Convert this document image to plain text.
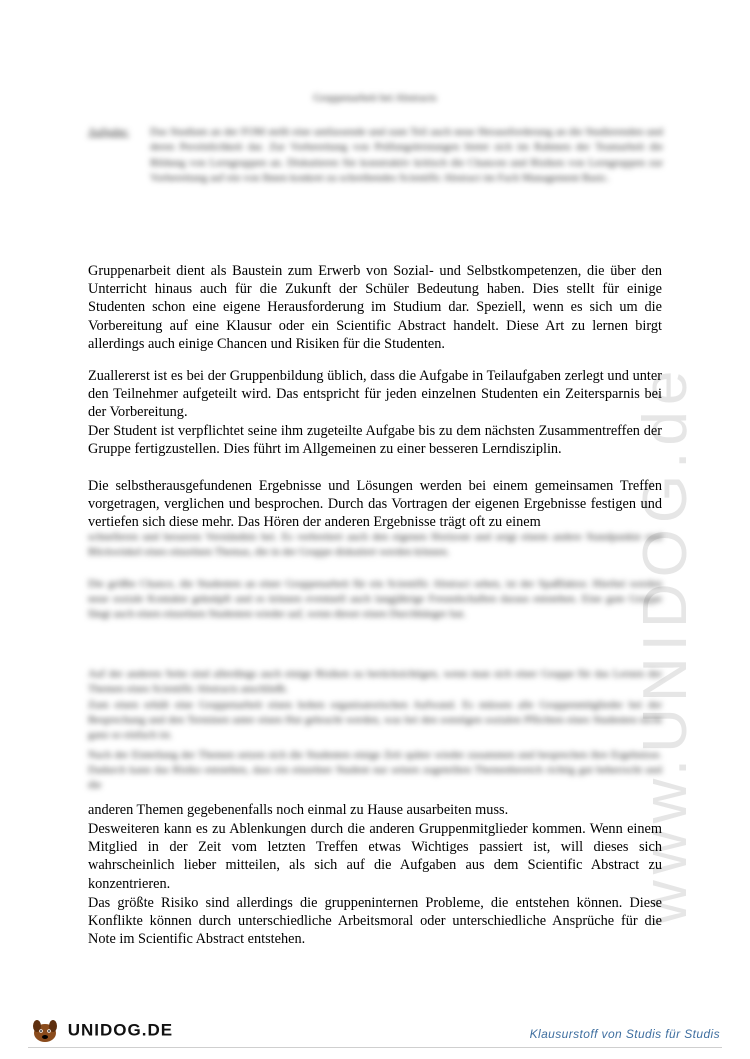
www.UNIDOG.de
Gruppenarbeit bei Abstracts
Aufgabe: Das Studium an der FOM stellt eine umfassende und zum Teil auch neue Herausforderung an die Studierenden und deren Persönlichkeit dar. Zur Vorbereitung von Prüfungsleistungen bietet sich im Rahmen der Teamarbeit die Bildung von Lerngruppen an. Diskutieren Sie konstruktiv kritisch die Chancen und Risiken von Lerngruppen zur Vorbereitung auf ein von Ihnen konkret zu schreibendes Scientific Abstract im Fach Management Basic.
Gruppenarbeit dient als Baustein zum Erwerb von Sozial- und Selbstkompetenzen, die über den Unterricht hinaus auch für die Zukunft der Schüler Bedeutung haben. Dies stellt für einige Studenten schon eine eigene Herausforderung im Studium dar. Speziell, wenn es sich um die Vorbereitung auf eine Klausur oder ein Scientific Abstract handelt. Diese Art zu lernen birgt allerdings auch einige Chancen und Risiken für die Studenten.
Zuallererst ist es bei der Gruppenbildung üblich, dass die Aufgabe in Teilaufgaben zerlegt und unter den Teilnehmer aufgeteilt wird. Das entspricht für jeden einzelnen Studenten ein Zeitersparnis bei der Vorbereitung.
Der Student ist verpflichtet seine ihm zugeteilte Aufgabe bis zu dem nächsten Zusammentreffen der Gruppe fertigzustellen. Dies führt im Allgemeinen zu einer besseren Lerndisziplin.
Die selbstherausgefundenen Ergebnisse und Lösungen werden bei einem gemeinsamen Treffen vorgetragen, verglichen und besprochen. Durch das Vortragen der eigenen Ergebnisse festigen und vertiefen sich diese mehr. Das Hören der anderen Ergebnisse trägt oft zu einem
schnelleren und besseren Verständnis bei. Es verbreitert auch den eigenen Horizont und zeigt einem andere Standpunkte und Blickwinkel eines einzelnen Themas, die in der Gruppe diskutiert werden können.
Die größte Chance, die Studenten an einer Gruppenarbeit für ein Scientific Abstract sehen, ist der Spaßfaktor. Hierbei werden neue soziale Kontakte geknüpft und es können eventuell auch langjährige Freundschaften daraus entstehen. Eine gute Gruppe fängt auch einen einzelnen Studenten wieder auf, wenn dieser einen Durchhänger hat.
Auf der anderen Seite sind allerdings auch einige Risiken zu berücksichtigen, wenn man sich einer Gruppe für das Lernen der Themen eines Scientific Abstracts anschließt.
Zum einen erhält eine Gruppenarbeit einen hohen organisatorischen Aufwand. Es müssen alle Gruppenmitglieder bei der Besprechung und den Terminen unter einen Hut gebracht werden, was bei den sonstigen sozialen Pflichten eines Studenten nicht ganz so einfach ist.
Nach der Einteilung der Themen setzen sich die Studenten einige Zeit später wieder zusammen und besprechen ihre Ergebnisse. Dadurch kann das Risiko entstehen, dass ein einzelner Student nur seinen zugeteilten Themenbereich richtig gut beherrscht und die
anderen Themen gegebenenfalls noch einmal zu Hause ausarbeiten muss.
Desweiteren kann es zu Ablenkungen durch die anderen Gruppenmitglieder kommen. Wenn einem Mitglied in der Zeit vom letzten Treffen etwas Wichtiges passiert ist, will dieses sich wahrscheinlich lieber mitteilen, als sich auf die Aufgaben aus dem Scientific Abstract zu konzentrieren.
Das größte Risiko sind allerdings die gruppeninternen Probleme, die entstehen können. Diese Konflikte können durch unterschiedliche Arbeitsmoral oder unterschiedliche Ansprüche für die Note im Scientific Abstract entstehen.
UNIDOG.DE	Klausurstoff von Studis für Studis
